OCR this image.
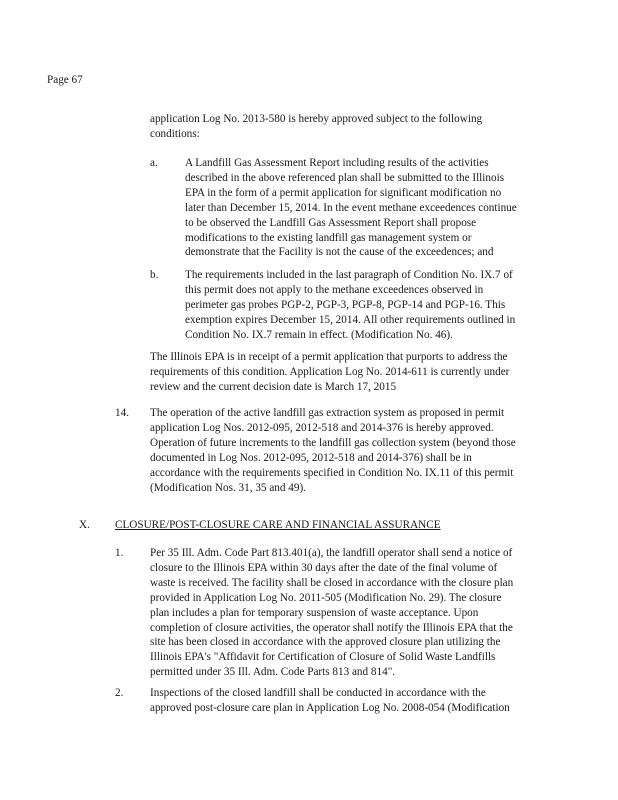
Page 67
application Log No. 2013-580 is hereby approved subject to the following
conditions:
a. A Landfill Gas Assessment Report including results of the activities
described in the above referenced plan shall be submitted to the Illinois
EPA in the form of a permit application for significant modification no
later than December 15, 2014. In the event methane exceedences continue
to be observed the Landfill Gas Assessment Report shall propose
modifications to the existing landfill gas management system or
demonstrate that the Facility is not the cause of the exceedences; and
b. The requirements included in the last paragraph of Condition No. IX.7 of
this permit does not apply to the methane exceedences observed in
perimeter gas probes PGP-2, PGP-3, PGP-8, PGP-14 and PGP-16. This
exemption expires December 15, 2014. All other requirements outlined in
Condition No. IX.7 remain in effect. (Modification No. 46).
The Illinois EPA is in receipt of a permit application that purports to address the
requirements of this condition. Application Log No. 2014-611 is currently under
review and the current decision date is March 17, 2015
14. The operation of the active landfill gas extraction system as proposed in permit
application Log Nos. 2012-095, 2012-518 and 2014-376 is hereby approved.
Operation of future increments to the landfill gas collection system (beyond those
documented in Log Nos. 2012-095, 2012-518 and 2014-376) shall be in
accordance with the requirements specified in Condition No. IX.11 of this permit
(Modification Nos. 31, 35 and 49).
X. CLOSURE/POST-CLOSURE CARE AND FINANCIAL ASSURANCE
1. Per 35 Ill. Adm. Code Part 813.401(a), the landfill operator shall send a notice of
closure to the Illinois EPA within 30 days after the date of the final volume of
waste is received. The facility shall be closed in accordance with the closure plan
provided in Application Log No. 2011-505 (Modification No. 29). The closure
plan includes a plan for temporary suspension of waste acceptance. Upon
completion of closure activities, the operator shall notify the Illinois EPA that the
site has been closed in accordance with the approved closure plan utilizing the
Illinois EPA's "Affidavit for Certification of Closure of Solid Waste Landfills
permitted under 35 Ill. Adm. Code Parts 813 and 814".
2. Inspections of the closed landfill shall be conducted in accordance with the
approved post-closure care plan in Application Log No. 2008-054 (Modification
